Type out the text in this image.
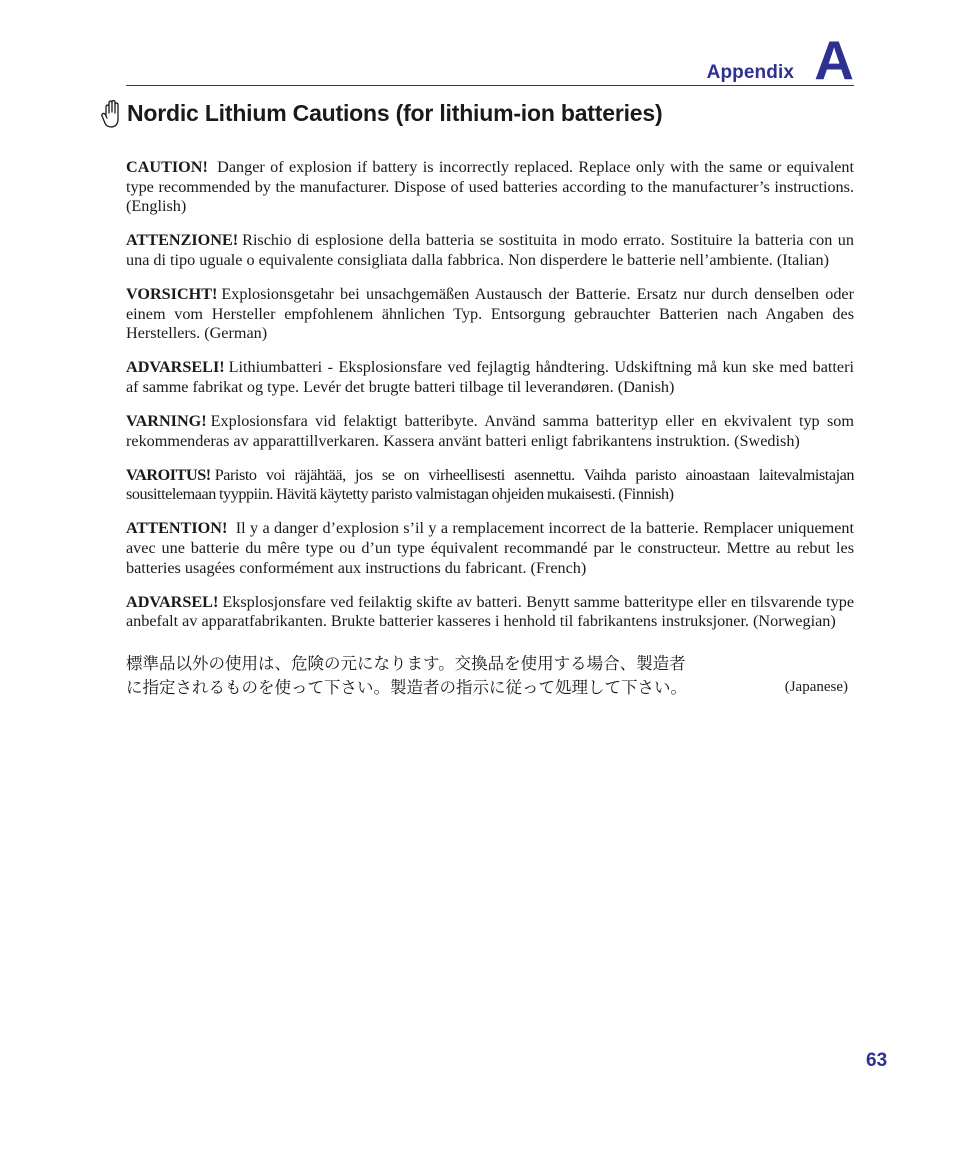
Appendix A
Nordic Lithium Cautions (for lithium-ion batteries)

CAUTION! Danger of explosion if battery is incorrectly replaced. Replace only with the same or equivalent type recommended by the manufacturer. Dispose of used batteries according to the manufacturer’s instructions. (English)

ATTENZIONE! Rischio di esplosione della batteria se sostituita in modo errato. Sostituire la batteria con un una di tipo uguale o equivalente consigliata dalla fabbrica. Non disperdere le batterie nell’ambiente. (Italian)

VORSICHT! Explosionsgetahr bei unsachgemäßen Austausch der Batterie. Ersatz nur durch denselben oder einem vom Hersteller empfohlenem ähnlichen Typ. Entsorgung gebrauchter Batterien nach Angaben des Herstellers. (German)

ADVARSELI! Lithiumbatteri - Eksplosionsfare ved fejlagtig håndtering. Udskiftning må kun ske med batteri af samme fabrikat og type. Levér det brugte batteri tilbage til leverandøren. (Danish)

VARNING! Explosionsfara vid felaktigt batteribyte. Använd samma batterityp eller en ekvivalent typ som rekommenderas av apparattillverkaren. Kassera använt batteri enligt fabrikantens instruktion. (Swedish)

VAROITUS! Paristo voi räjähtää, jos se on virheellisesti asennettu. Vaihda paristo ainoastaan laitevalmistajan sousittelemaan tyyppiin. Hävitä käytetty paristo valmistagan ohjeiden mukaisesti. (Finnish)

ATTENTION! Il y a danger d’explosion s’il y a remplacement incorrect de la batterie. Remplacer uniquement avec une batterie du mêre type ou d’un type équivalent recommandé par le constructeur. Mettre au rebut les batteries usagées conformément aux instructions du fabricant. (French)

ADVARSEL! Eksplosjonsfare ved feilaktig skifte av batteri. Benytt samme batteritype eller en tilsvarende type anbefalt av apparatfabrikanten. Brukte batterier kasseres i henhold til fabrikantens instruksjoner. (Norwegian)

標準品以外の使用は、危険の元になります。交換品を使用する場合、製造者
に指定されるものを使って下さい。製造者の指示に従って処理して下さい。	(Japanese)
63
